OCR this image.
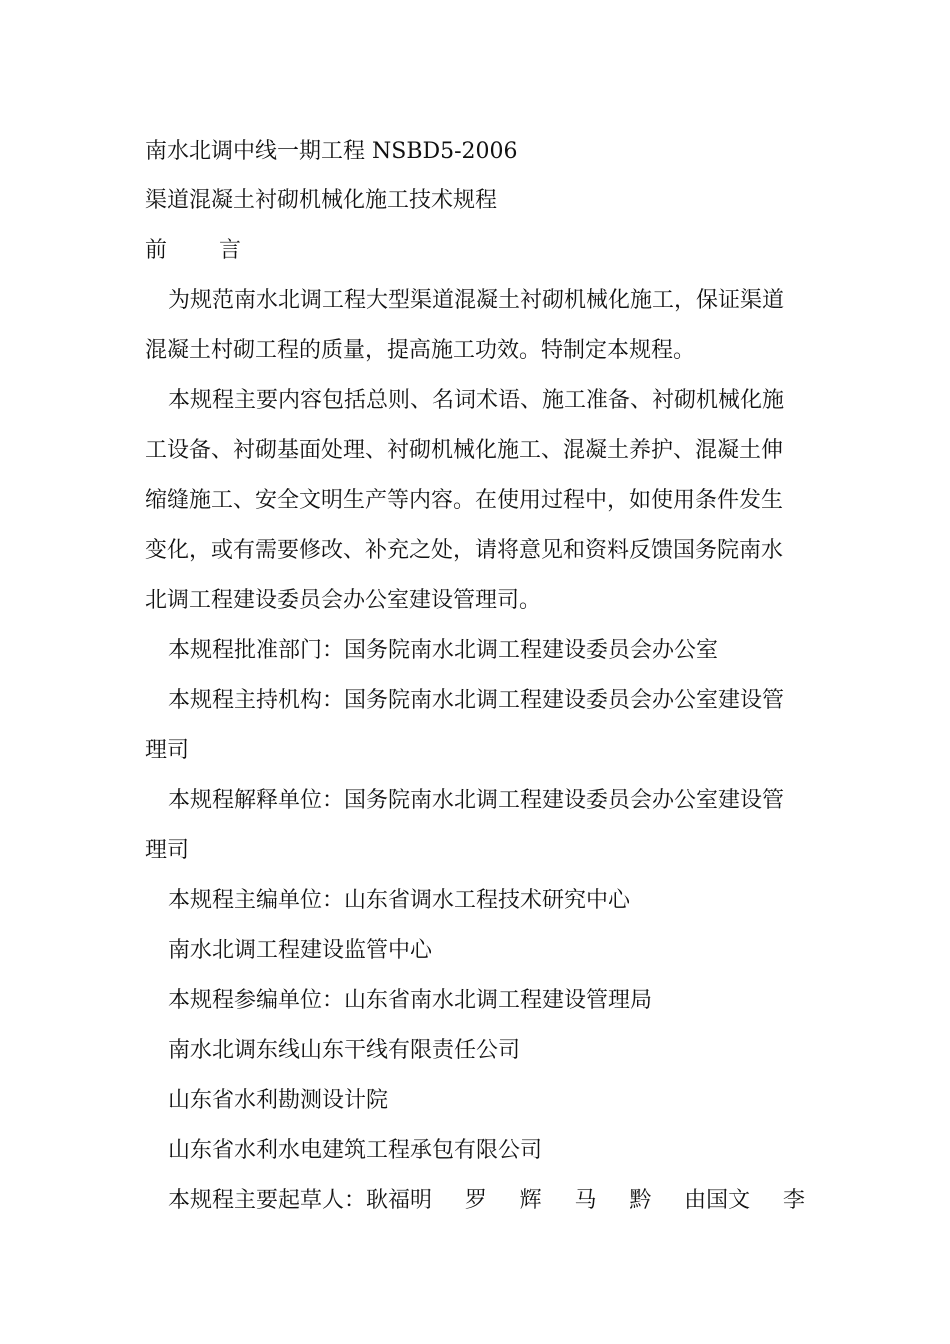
南水北调中线一期工程 NSBD5-2006
渠道混凝土衬砌机械化施工技术规程
前 言
为规范南水北调工程大型渠道混凝土衬砌机械化施工，保证渠道
混凝土村砌工程的质量，提高施工功效。特制定本规程。
本规程主要内容包括总则、名词术语、施工准备、衬砌机械化施
工设备、衬砌基面处理、衬砌机械化施工、混凝土养护、混凝土伸
缩缝施工、安全文明生产等内容。在使用过程中，如使用条件发生
变化，或有需要修改、补充之处，请将意见和资料反馈国务院南水
北调工程建设委员会办公室建设管理司。
本规程批准部门：国务院南水北调工程建设委员会办公室
本规程主持机构：国务院南水北调工程建设委员会办公室建设管
理司
本规程解释单位：国务院南水北调工程建设委员会办公室建设管
理司
本规程主编单位：山东省调水工程技术研究中心
南水北调工程建设监管中心
本规程参编单位：山东省南水北调工程建设管理局
南水北调东线山东干线有限责任公司
山东省水利勘测设计院
山东省水利水电建筑工程承包有限公司
本规程主要起草人：耿福明 罗 辉 马 黔 由国文 李
